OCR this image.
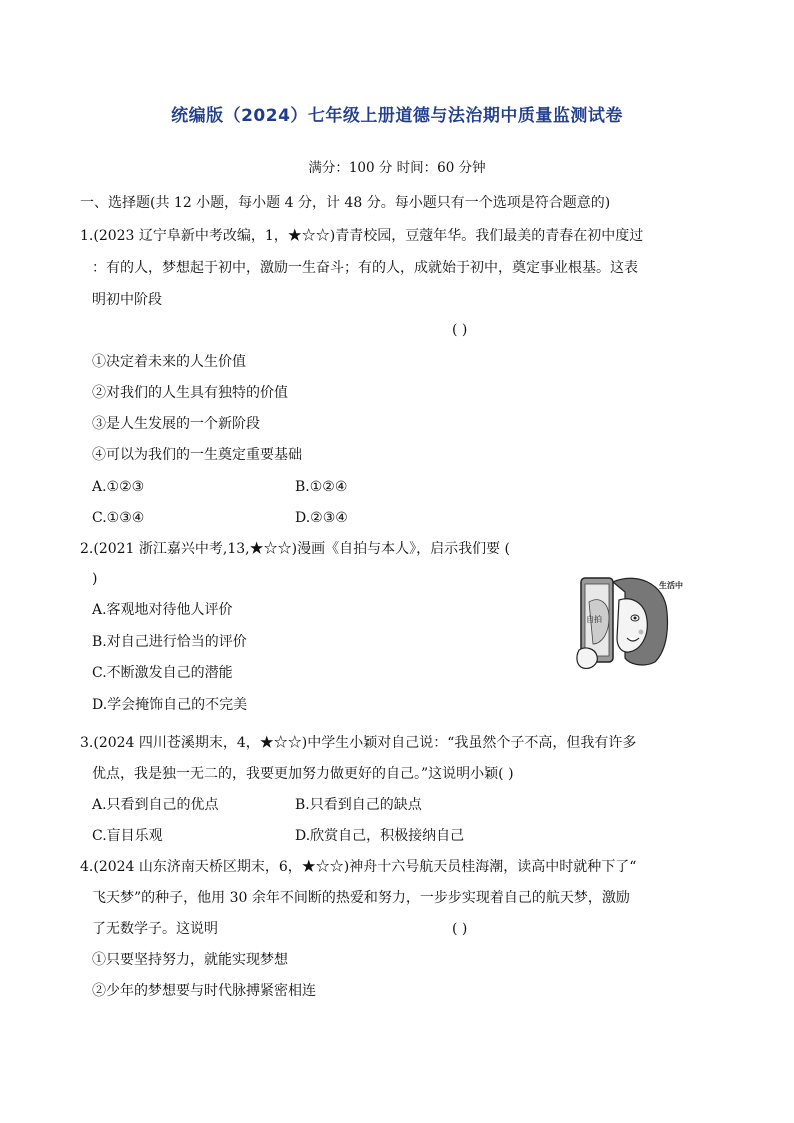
统编版（2024）七年级上册道德与法治期中质量监测试卷
满分：100 分 时间：60 分钟
一、选择题(共 12 小题，每小题 4 分，计 48 分。每小题只有一个选项是符合题意的)
1.(2023 辽宁阜新中考改编，1，★☆☆)青青校园，豆蔻年华。我们最美的青春在初中度过
：有的人，梦想起于初中，激励一生奋斗；有的人，成就始于初中，奠定事业根基。这表
明初中阶段
( )
①决定着未来的人生价值
②对我们的人生具有独特的价值
③是人生发展的一个新阶段
④可以为我们的一生奠定重要基础
A.①②③	B.①②④
C.①③④	D.②③④
2.(2021 浙江嘉兴中考,13,★☆☆)漫画《自拍与本人》，启示我们要 (
)
A.客观地对待他人评价
B.对自己进行恰当的评价
C.不断激发自己的潜能
D.学会掩饰自己的不完美
自拍
生活中
3.(2024 四川苍溪期末，4，★☆☆)中学生小颖对自己说：“我虽然个子不高，但我有许多
优点，我是独一无二的，我要更加努力做更好的自己。”这说明小颖( )
A.只看到自己的优点	B.只看到自己的缺点
C.盲目乐观	D.欣赏自己，积极接纳自己
4.(2024 山东济南天桥区期末，6，★☆☆)神舟十六号航天员桂海潮，读高中时就种下了“
飞天梦”的种子，他用 30 余年不间断的热爱和努力，一步步实现着自己的航天梦，激励
了无数学子。这说明	( )
①只要坚持努力，就能实现梦想
②少年的梦想要与时代脉搏紧密相连
